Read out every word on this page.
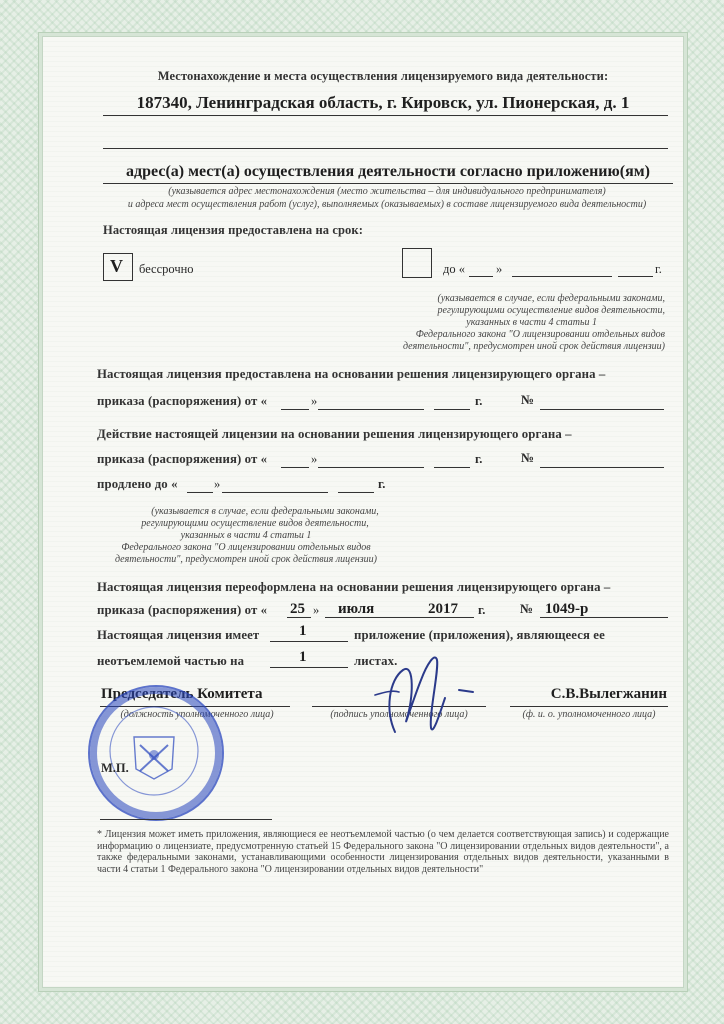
Местонахождение и места осуществления лицензируемого вида деятельности:
187340, Ленинградская область, г. Кировск, ул. Пионерская, д. 1
адрес(а) мест(а) осуществления деятельности согласно приложению(ям)
(указывается адрес местонахождения (место жительства – для индивидуального предпринимателя)
и адреса мест осуществления работ (услуг), выполняемых (оказываемых) в составе лицензируемого вида деятельности)
Настоящая лицензия предоставлена на срок:
V бессрочно	до « »	г.
(указывается в случае, если федеральными законами,
регулирующими осуществление видов деятельности,
указанных в части 4 статьи 1
Федерального закона "О лицензировании отдельных видов
деятельности", предусмотрен иной срок действия лицензии)
Настоящая лицензия предоставлена на основании решения лицензирующего органа –
приказа (распоряжения) от «	»	г.	№
Действие настоящей лицензии на основании решения лицензирующего органа –
приказа (распоряжения) от «	»	г.	№
продлено до «	»	г.
(указывается в случае, если федеральными законами,
регулирующими осуществление видов деятельности,
указанных в части 4 статьи 1
Федерального закона "О лицензировании отдельных видов
деятельности", предусмотрен иной срок действия лицензии)
Настоящая лицензия переоформлена на основании решения лицензирующего органа –
приказа (распоряжения) от « 25 » июля	2017 г.	№ 1049-р
Настоящая лицензия имеет	1	приложение (приложения), являющееся ее
неотъемлемой частью на	1	листах.
Председатель Комитета
(должность уполномоченного лица)	(подпись уполномоченного лица)
С.В.Вылегжанин
(ф. и. о. уполномоченного лица)
М.П.
* Лицензия может иметь приложения, являющиеся ее неотъемлемой частью (о чем делается соответствующая запись) и содержащие информацию о лицензиате, предусмотренную статьей 15 Федерального закона "О лицензировании отдельных видов деятельности", а также федеральными законами, устанавливающими особенности лицензирования отдельных видов деятельности, указанными в части 4 статьи 1 Федерального закона "О лицензировании отдельных видов деятельности"
